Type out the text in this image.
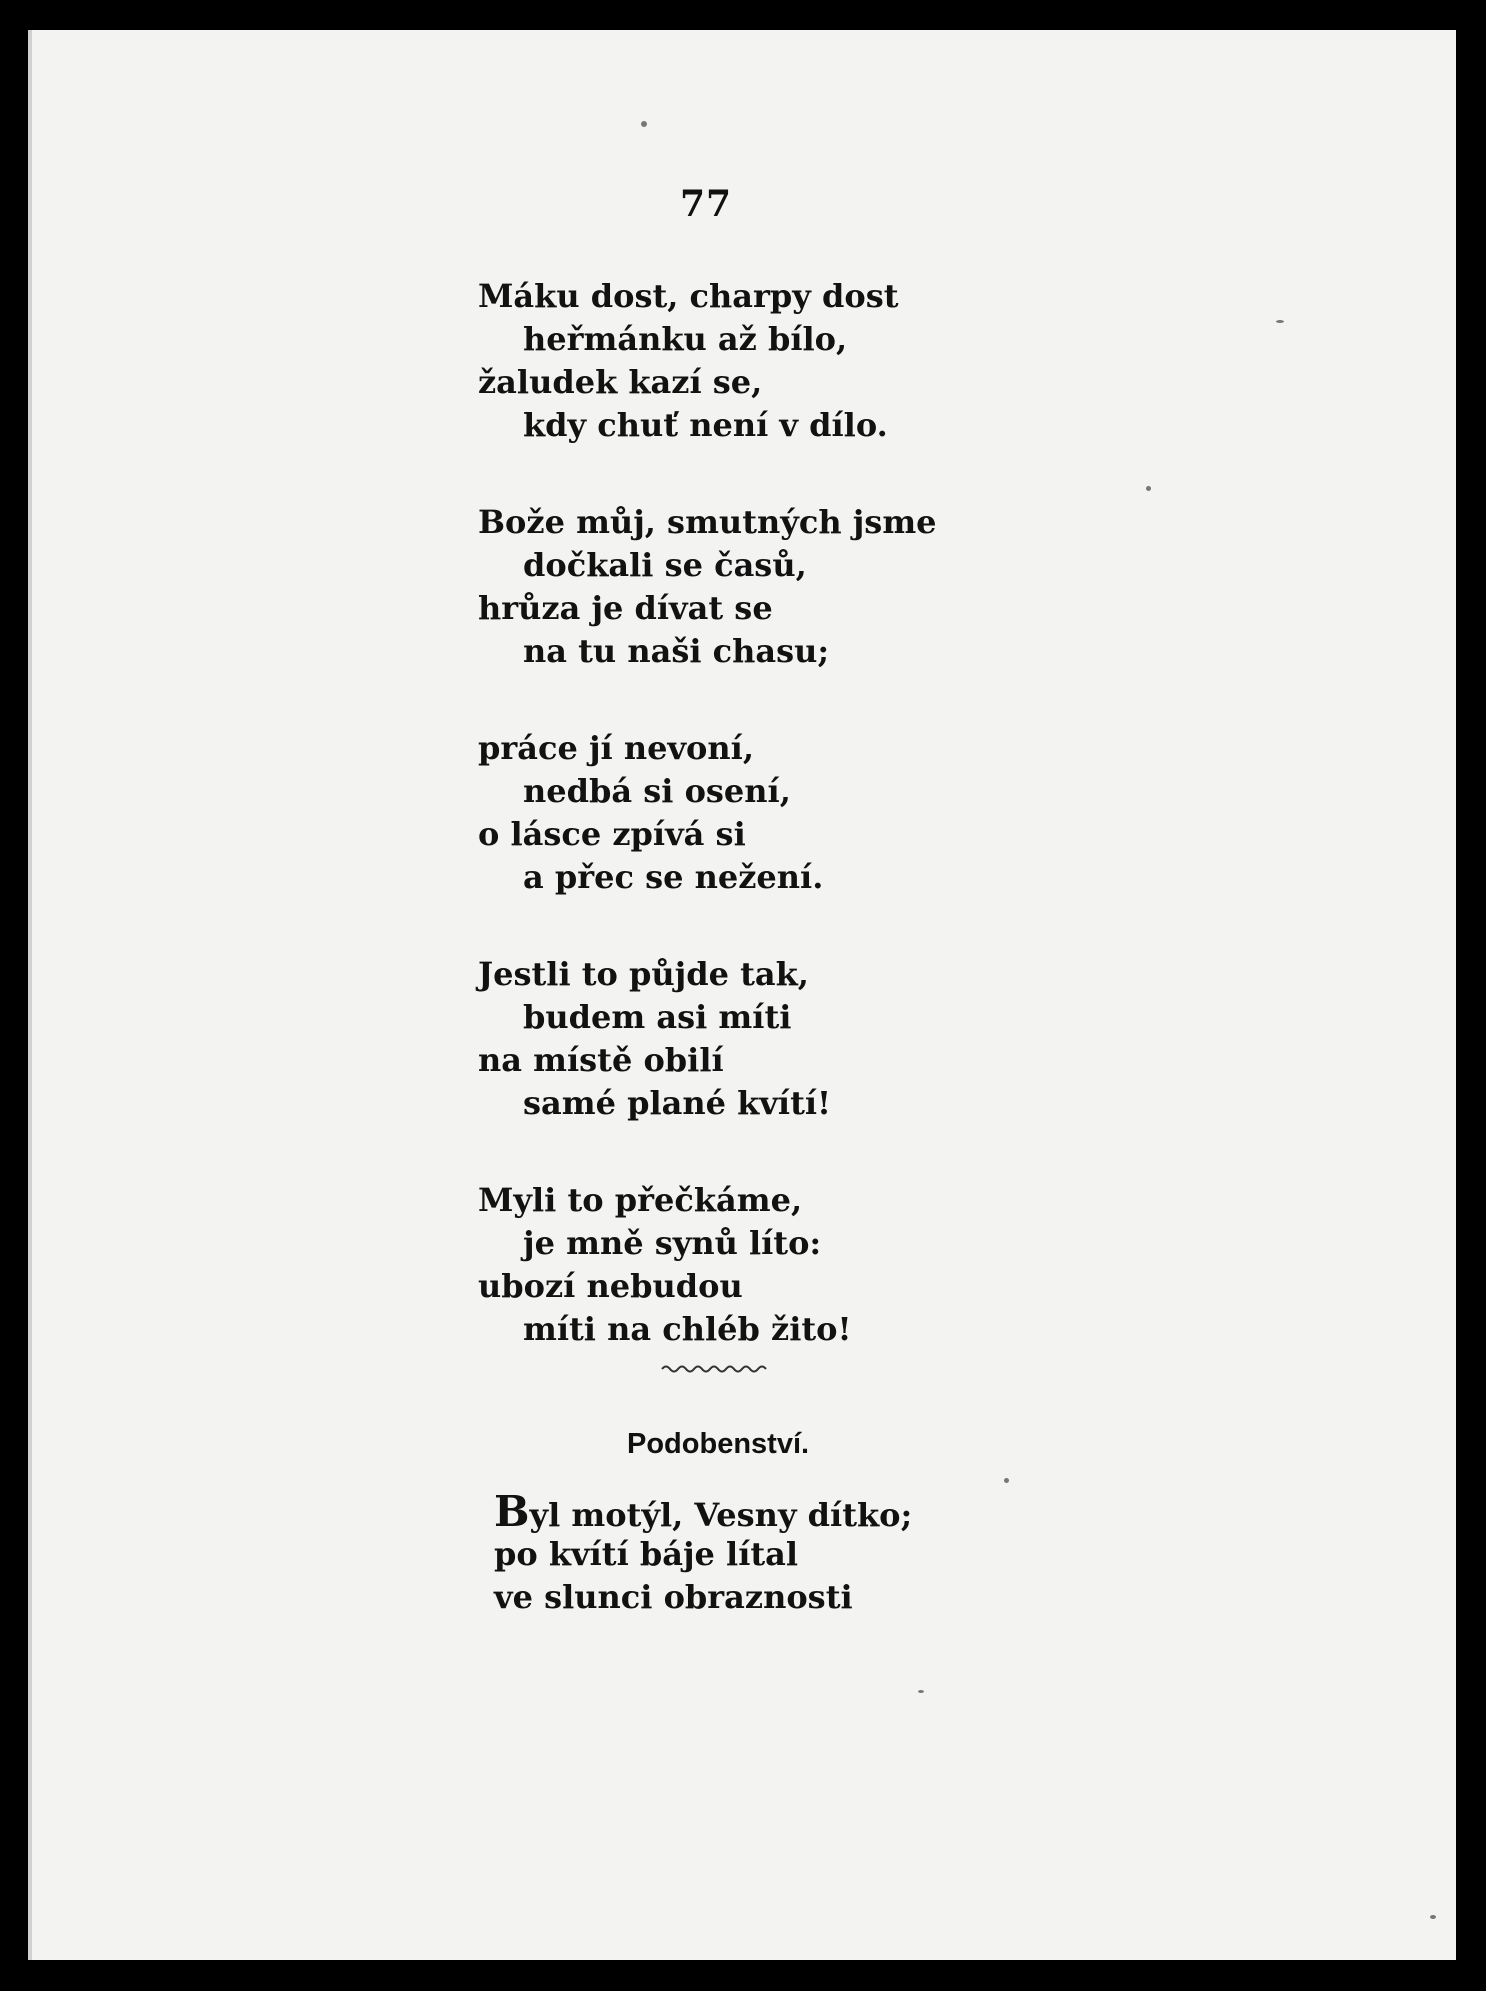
77
Máku dost, charpy dost
heřmánku až bílo,
žaludek kazí se,
kdy chuť není v dílo.
Bože můj, smutných jsme
dočkali se časů,
hrůza je dívat se
na tu naši chasu;
práce jí nevoní,
nedbá si osení,
o lásce zpívá si
a přec se nežení.
Jestli to půjde tak,
budem asi míti
na místě obilí
samé plané kvítí!
Myli to přečkáme,
je mně synů líto:
ubozí nebudou
míti na chléb žito!
Podobenství.
Byl motýl, Vesny dítko;
po kvítí báje lítal
ve slunci obraznosti
